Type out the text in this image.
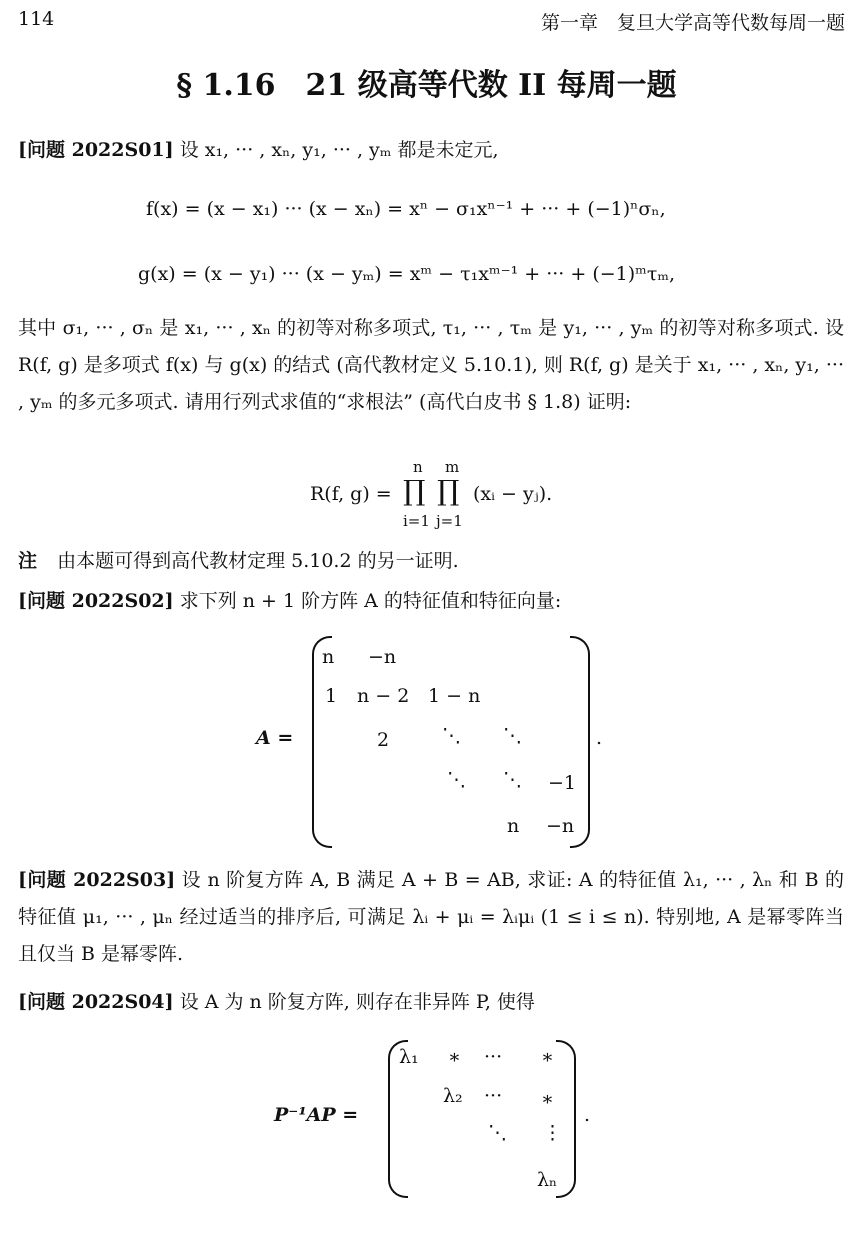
114	第一章　复旦大学高等代数每周一题
§ 1.16　21 级高等代数 II 每周一题
[问题 2022S01] 设 x₁, ··· , xₙ, y₁, ··· , yₘ 都是未定元,
f(x) = (x − x₁) ··· (x − xₙ) = xⁿ − σ₁xⁿ⁻¹ + ··· + (−1)ⁿσₙ,
g(x) = (x − y₁) ··· (x − yₘ) = xᵐ − τ₁xᵐ⁻¹ + ··· + (−1)ᵐτₘ,
其中 σ₁, ··· , σₙ 是 x₁, ··· , xₙ 的初等对称多项式, τ₁, ··· , τₘ 是 y₁, ··· , yₘ 的初等对称多项式. 设 R(f, g) 是多项式 f(x) 与 g(x) 的结式 (高代教材定义 5.10.1), 则 R(f, g) 是关于 x₁, ··· , xₙ, y₁, ··· , yₘ 的多元多项式. 请用行列式求值的“求根法” (高代白皮书 § 1.8) 证明:
R(f, g) =
n
∏
i=1
m
∏
j=1
(xᵢ − yⱼ).
注 由本题可得到高代教材定理 5.10.2 的另一证明.
[问题 2022S02] 求下列 n + 1 阶方阵 A 的特征值和特征向量:
A =
n −n
1 n − 2 1 − n
2	⋱ ⋱
⋱ ⋱ −1
n −n
.
[问题 2022S03] 设 n 阶复方阵 A, B 满足 A + B = AB, 求证: A 的特征值 λ₁, ··· , λₙ 和 B 的特征值 μ₁, ··· , μₙ 经过适当的排序后, 可满足 λᵢ + μᵢ = λᵢμᵢ (1 ≤ i ≤ n). 特别地, A 是幂零阵当且仅当 B 是幂零阵.
[问题 2022S04] 设 A 为 n 阶复方阵, 则存在非异阵 P, 使得
P⁻¹AP =
λ₁ ∗ ··· ∗
λ₂ ··· ∗
⋱ ⋮
λₙ
.
